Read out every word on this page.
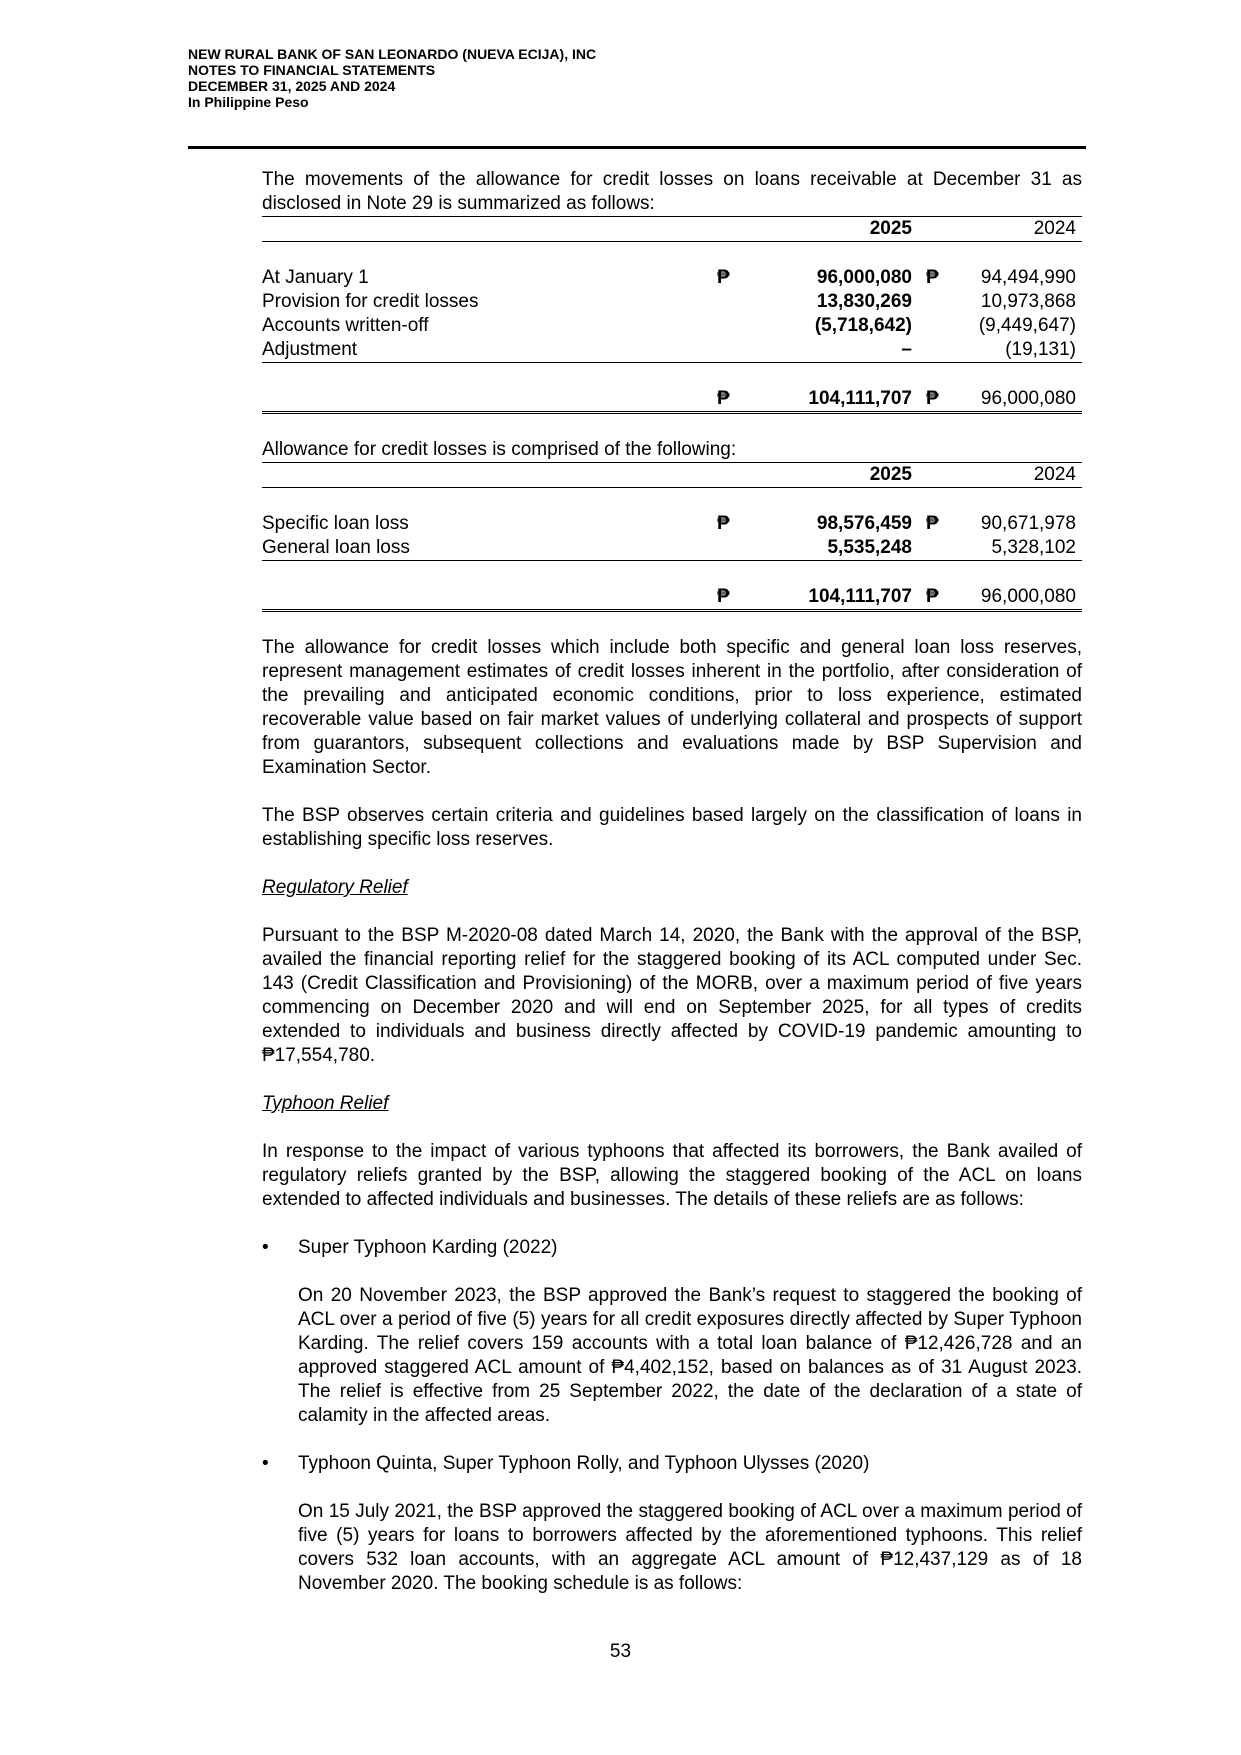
NEW RURAL BANK OF SAN LEONARDO (NUEVA ECIJA), INC
NOTES TO FINANCIAL STATEMENTS
DECEMBER 31, 2025 AND 2024
In Philippine Peso

The movements of the allowance for credit losses on loans receivable at December 31 as disclosed in Note 29 is summarized as follows:

		2025			2024

At January 1	₱	96,000,080		₱	94,494,990
Provision for credit losses		13,830,269			10,973,868
Accounts written-off		(5,718,642)			(9,449,647)
Adjustment		–			(19,131)

	₱	104,111,707		₱	96,000,080

Allowance for credit losses is comprised of the following:

		2025			2024

Specific loan loss	₱	98,576,459		₱	90,671,978
General loan loss		5,535,248			5,328,102

	₱	104,111,707		₱	96,000,080

The allowance for credit losses which include both specific and general loan loss reserves, represent management estimates of credit losses inherent in the portfolio, after consideration of the prevailing and anticipated economic conditions, prior to loss experience, estimated recoverable value based on fair market values of underlying collateral and prospects of support from guarantors, subsequent collections and evaluations made by BSP Supervision and Examination Sector.

The BSP observes certain criteria and guidelines based largely on the classification of loans in establishing specific loss reserves.

Regulatory Relief

Pursuant to the BSP M-2020-08 dated March 14, 2020, the Bank with the approval of the BSP, availed the financial reporting relief for the staggered booking of its ACL computed under Sec. 143 (Credit Classification and Provisioning) of the MORB, over a maximum period of five years commencing on December 2020 and will end on September 2025, for all types of credits extended to individuals and business directly affected by COVID-19 pandemic amounting to ₱17,554,780.

Typhoon Relief

In response to the impact of various typhoons that affected its borrowers, the Bank availed of regulatory reliefs granted by the BSP, allowing the staggered booking of the ACL on loans extended to affected individuals and businesses. The details of these reliefs are as follows:

• Super Typhoon Karding (2022)

On 20 November 2023, the BSP approved the Bank’s request to staggered the booking of ACL over a period of five (5) years for all credit exposures directly affected by Super Typhoon Karding. The relief covers 159 accounts with a total loan balance of ₱12,426,728 and an approved staggered ACL amount of ₱4,402,152, based on balances as of 31 August 2023. The relief is effective from 25 September 2022, the date of the declaration of a state of calamity in the affected areas.

• Typhoon Quinta, Super Typhoon Rolly, and Typhoon Ulysses (2020)

On 15 July 2021, the BSP approved the staggered booking of ACL over a maximum period of five (5) years for loans to borrowers affected by the aforementioned typhoons. This relief covers 532 loan accounts, with an aggregate ACL amount of ₱12,437,129 as of 18 November 2020. The booking schedule is as follows:

53
